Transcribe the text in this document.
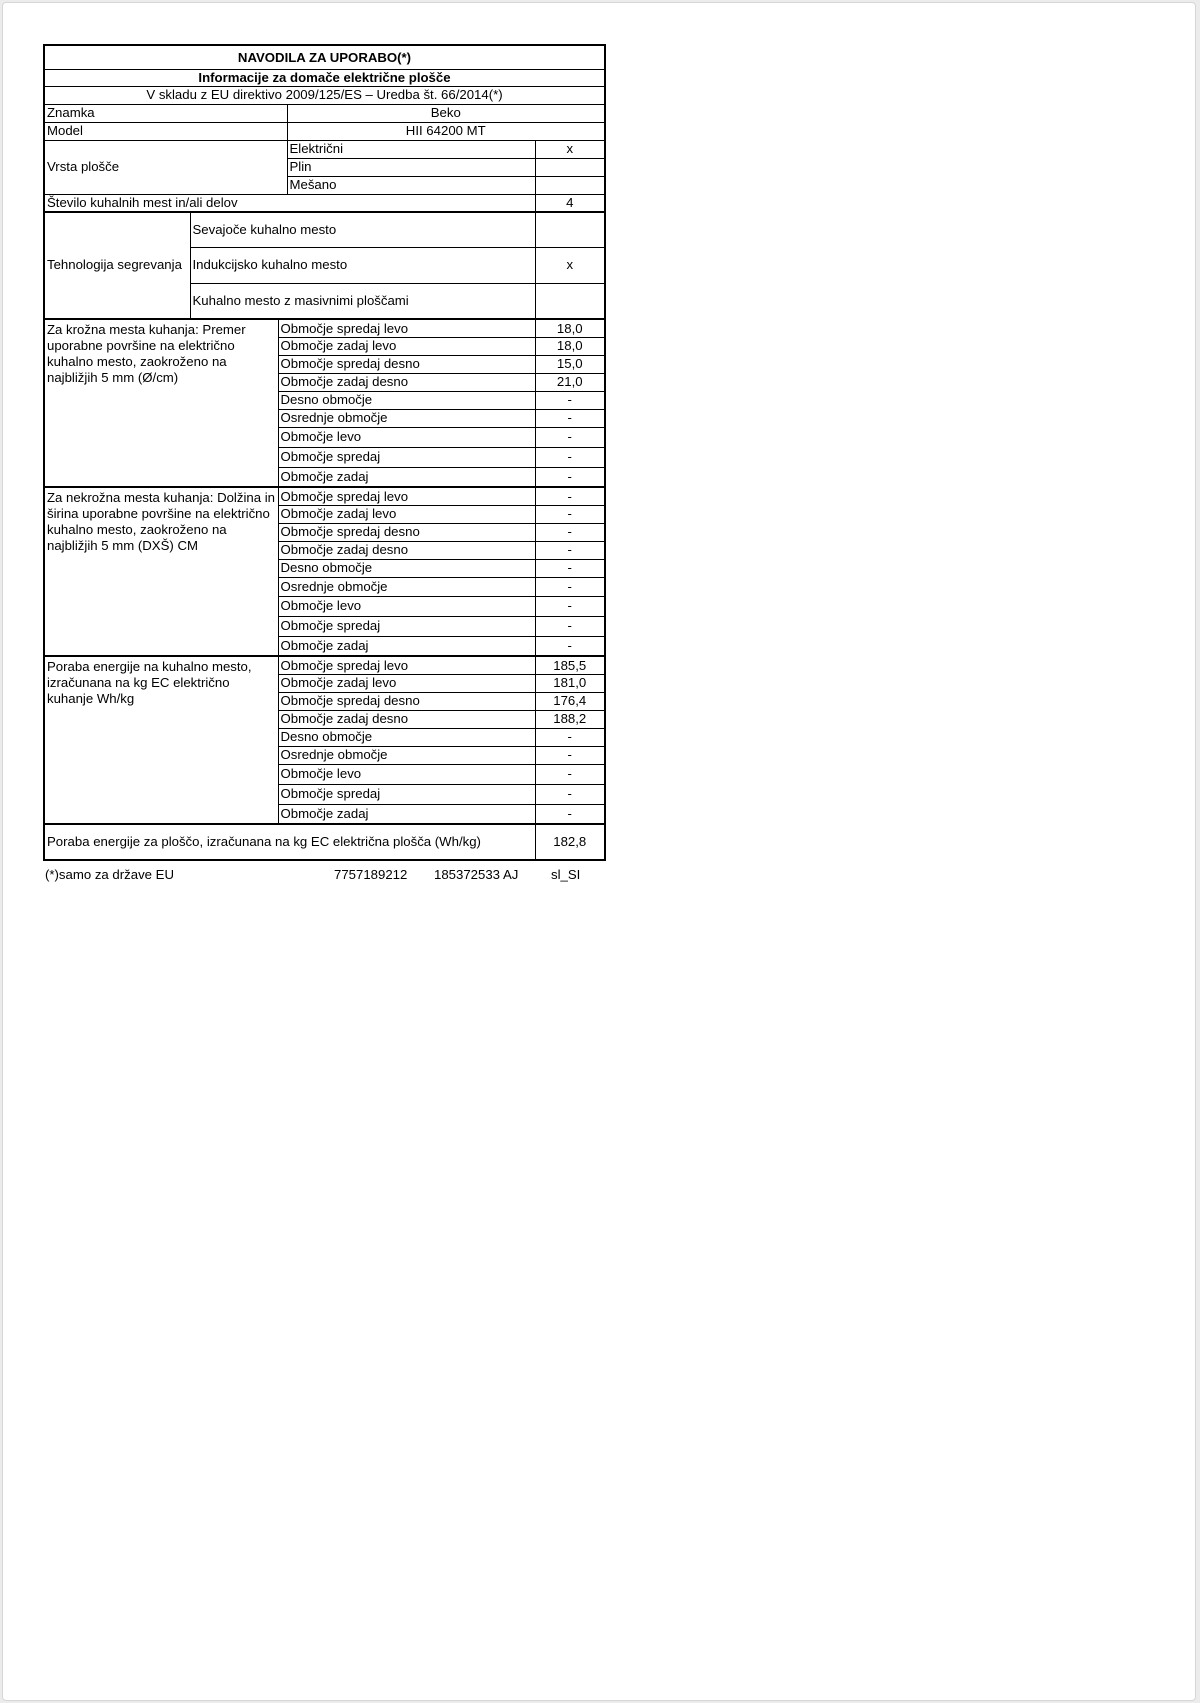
NAVODILA ZA UPORABO(*)				
Informacije za domače električne plošče				
V skladu z EU direktivo 2009/125/ES – Uredba št. 66/2014(*)				
Znamka			Beko	
Model			HII 64200 MT	
Vrsta plošče			Električni	x
			Plin	
			Mešano	
Število kuhalnih mest in/ali delov				4
Tehnologija segrevanja	Sevajoče kuhalno mesto			
	Indukcijsko kuhalno mesto			x
	Kuhalno mesto z masivnimi ploščami			
Za krožna mesta kuhanja: Premer uporabne površine na električno kuhalno mesto, zaokroženo na najbližjih 5 mm (Ø/cm)		Območje spredaj levo		18,0
		Območje zadaj levo		18,0
		Območje spredaj desno		15,0
		Območje zadaj desno		21,0
		Desno območje		-
		Osrednje območje		-
		Območje levo		-
		Območje spredaj		-
		Območje zadaj		-
Za nekrožna mesta kuhanja: Dolžina in širina uporabne površine na električno kuhalno mesto, zaokroženo na najbližjih 5 mm (DXŠ) CM		Območje spredaj levo		-
		Območje zadaj levo		-
		Območje spredaj desno		-
		Območje zadaj desno		-
		Desno območje		-
		Osrednje območje		-
		Območje levo		-
		Območje spredaj		-
		Območje zadaj		-
Poraba energije na kuhalno mesto, izračunana na kg EC električno kuhanje Wh/kg		Območje spredaj levo		185,5
		Območje zadaj levo		181,0
		Območje spredaj desno		176,4
		Območje zadaj desno		188,2
		Desno območje		-
		Osrednje območje		-
		Območje levo		-
		Območje spredaj		-
		Območje zadaj		-
Poraba energije za ploščo, izračunana na kg EC električna plošča (Wh/kg)				182,8
(*)samo za države EU	7757189212 185372533 AJ sl_SI
